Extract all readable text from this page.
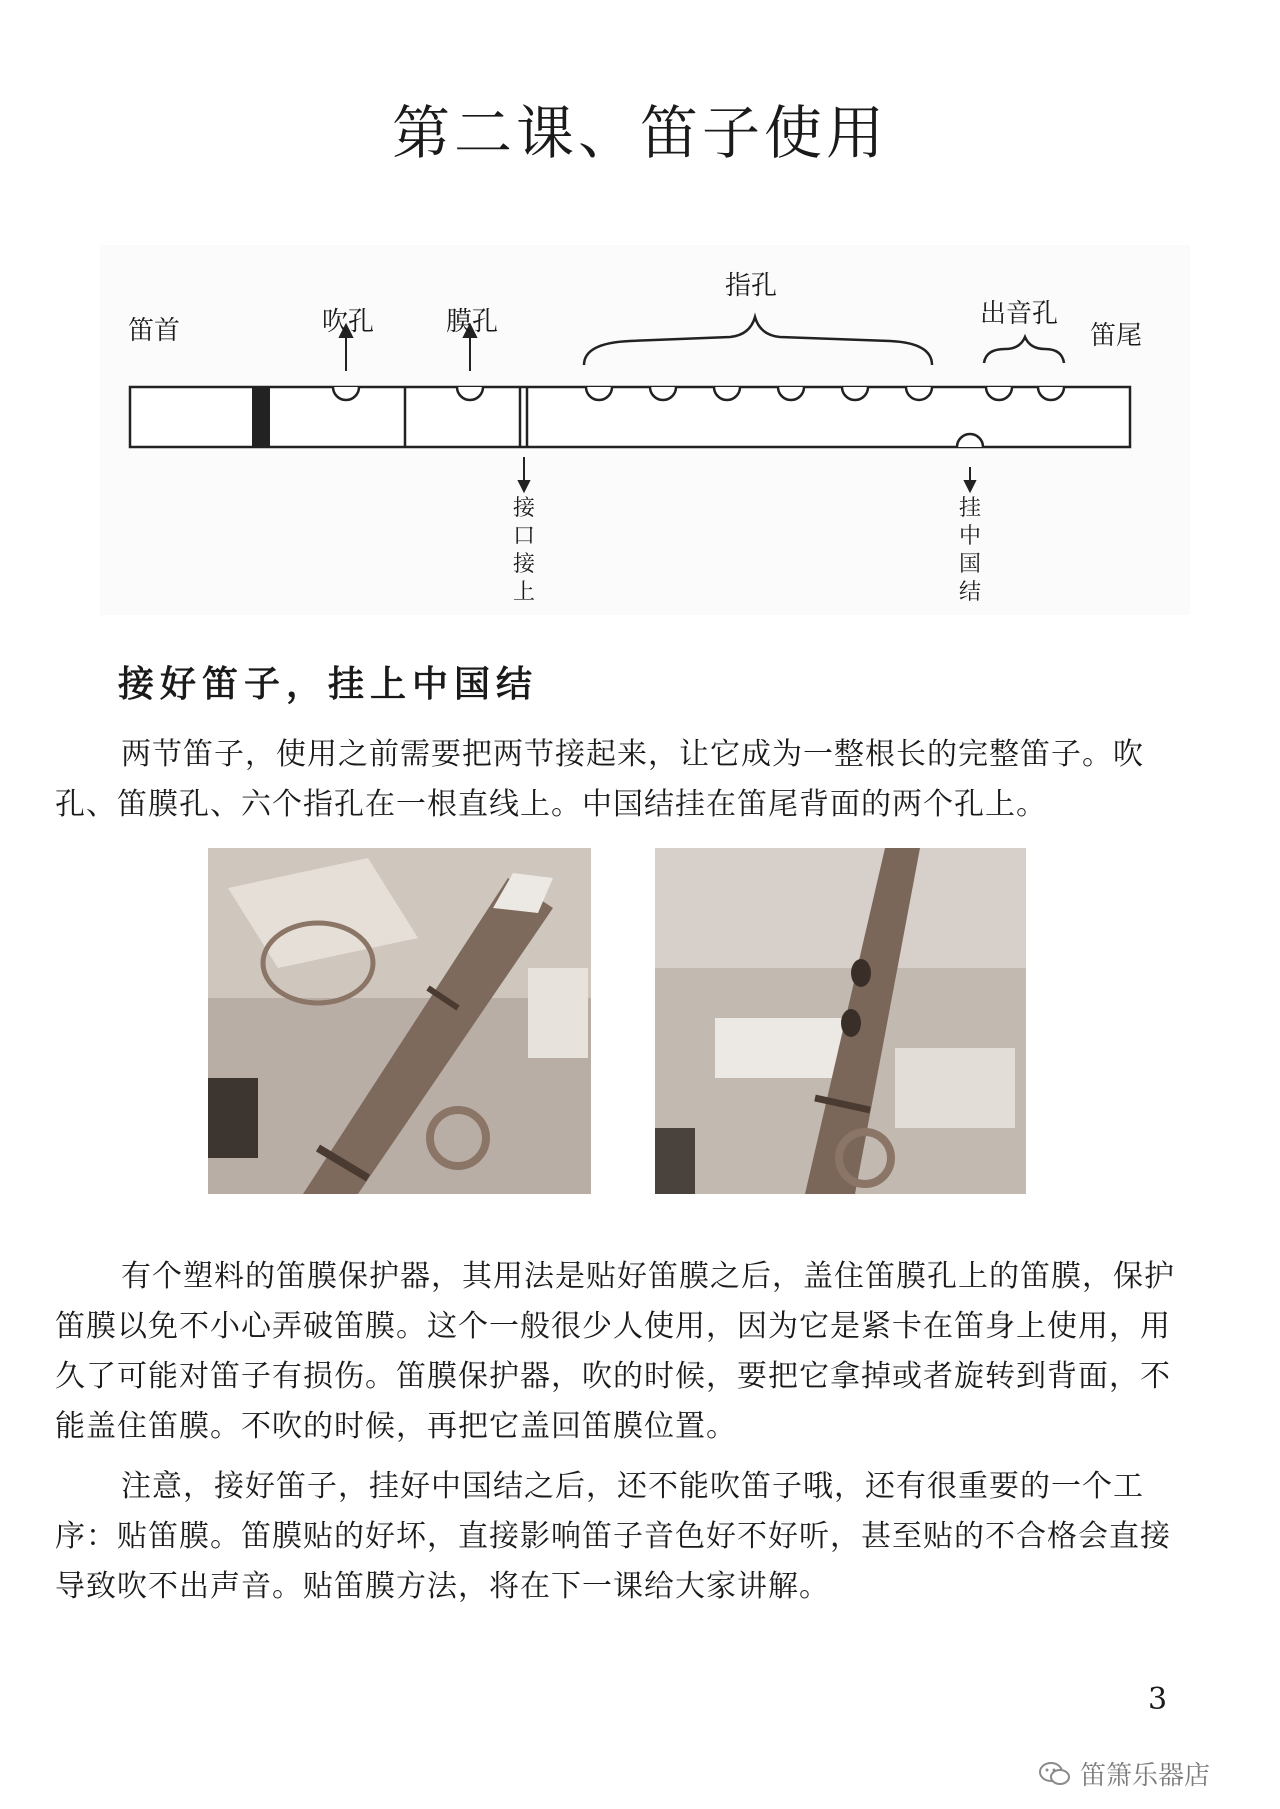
第二课、笛子使用
笛首	吹孔	膜孔
指孔
出音孔
笛尾
接口接上
挂中国结
接好笛子，挂上中国结

两节笛子，使用之前需要把两节接起来，让它成为一整根长的完整笛子。吹孔、笛膜孔、六个指孔在一根直线上。中国结挂在笛尾背面的两个孔上。

有个塑料的笛膜保护器，其用法是贴好笛膜之后，盖住笛膜孔上的笛膜，保护笛膜以免不小心弄破笛膜。这个一般很少人使用，因为它是紧卡在笛身上使用，用久了可能对笛子有损伤。笛膜保护器，吹的时候，要把它拿掉或者旋转到背面，不能盖住笛膜。不吹的时候，再把它盖回笛膜位置。

注意，接好笛子，挂好中国结之后，还不能吹笛子哦，还有很重要的一个工序：贴笛膜。笛膜贴的好坏，直接影响笛子音色好不好听，甚至贴的不合格会直接导致吹不出声音。贴笛膜方法，将在下一课给大家讲解。

3
笛箫乐器店
